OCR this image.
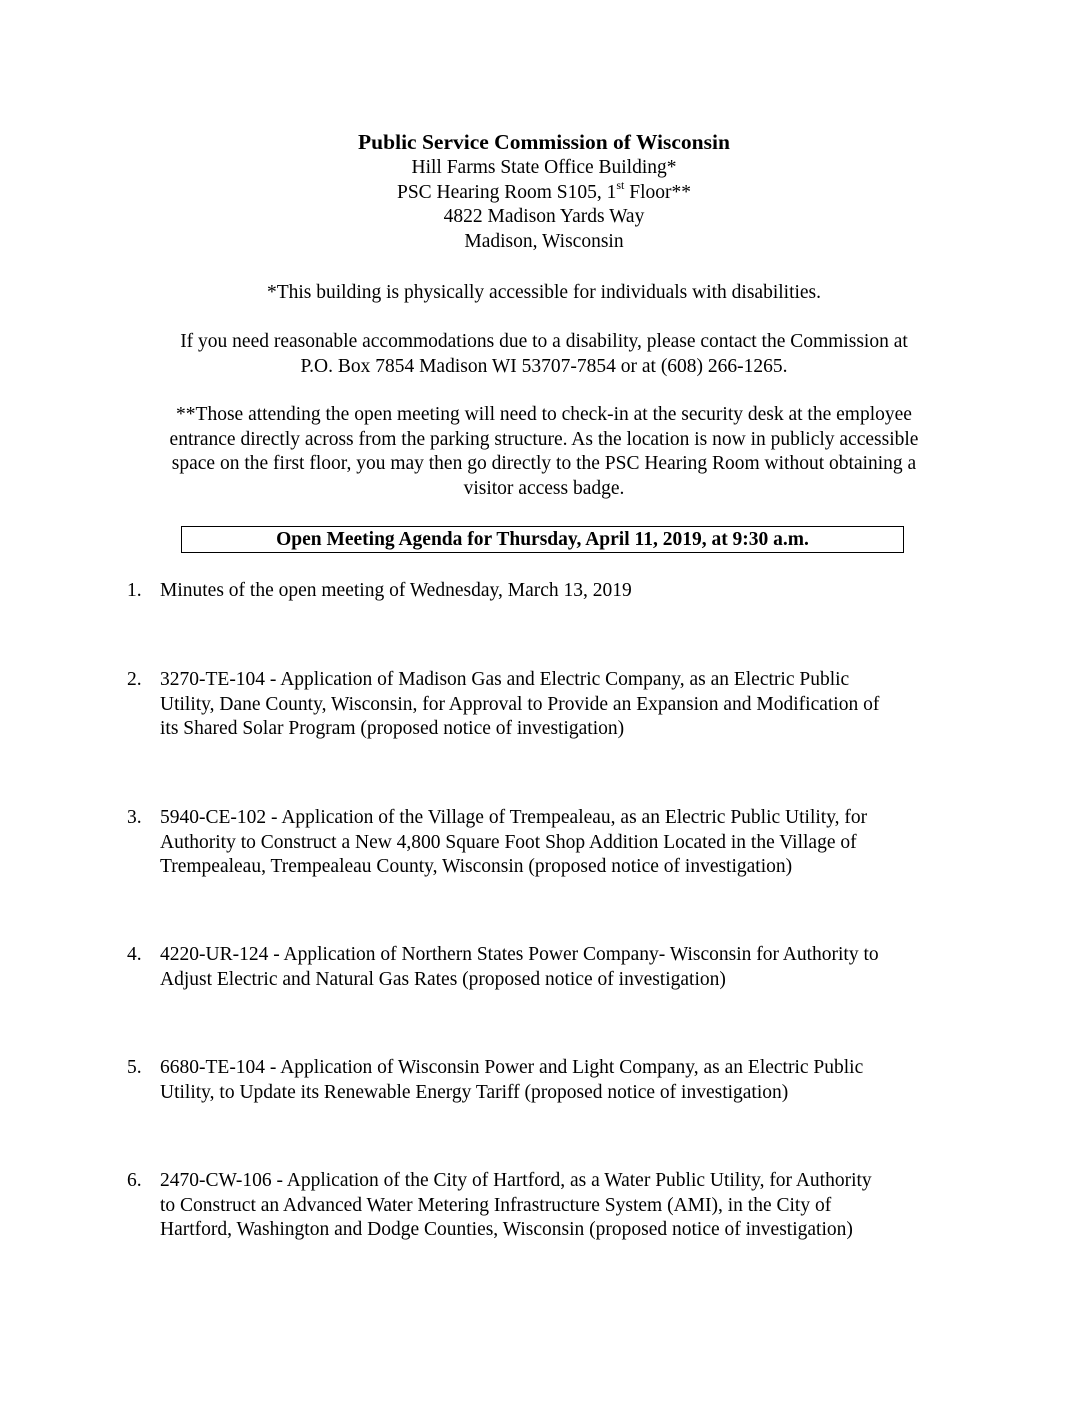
Public Service Commission of Wisconsin
Hill Farms State Office Building*
PSC Hearing Room S105, 1st Floor**
4822 Madison Yards Way
Madison, Wisconsin
*This building is physically accessible for individuals with disabilities.
If you need reasonable accommodations due to a disability, please contact the Commission at
P.O. Box 7854 Madison WI 53707-7854 or at (608) 266-1265.
**Those attending the open meeting will need to check-in at the security desk at the employee
entrance directly across from the parking structure. As the location is now in publicly accessible
space on the first floor, you may then go directly to the PSC Hearing Room without obtaining a
visitor access badge.
Open Meeting Agenda for Thursday, April 11, 2019, at 9:30 a.m.
1. Minutes of the open meeting of Wednesday, March 13, 2019
2. 3270-TE-104 - Application of Madison Gas and Electric Company, as an Electric Public
Utility, Dane County, Wisconsin, for Approval to Provide an Expansion and Modification of
its Shared Solar Program (proposed notice of investigation)
3. 5940-CE-102 - Application of the Village of Trempealeau, as an Electric Public Utility, for
Authority to Construct a New 4,800 Square Foot Shop Addition Located in the Village of
Trempealeau, Trempealeau County, Wisconsin (proposed notice of investigation)
4. 4220-UR-124 - Application of Northern States Power Company- Wisconsin for Authority to
Adjust Electric and Natural Gas Rates (proposed notice of investigation)
5. 6680-TE-104 - Application of Wisconsin Power and Light Company, as an Electric Public
Utility, to Update its Renewable Energy Tariff (proposed notice of investigation)
6. 2470-CW-106 - Application of the City of Hartford, as a Water Public Utility, for Authority
to Construct an Advanced Water Metering Infrastructure System (AMI), in the City of
Hartford, Washington and Dodge Counties, Wisconsin (proposed notice of investigation)
